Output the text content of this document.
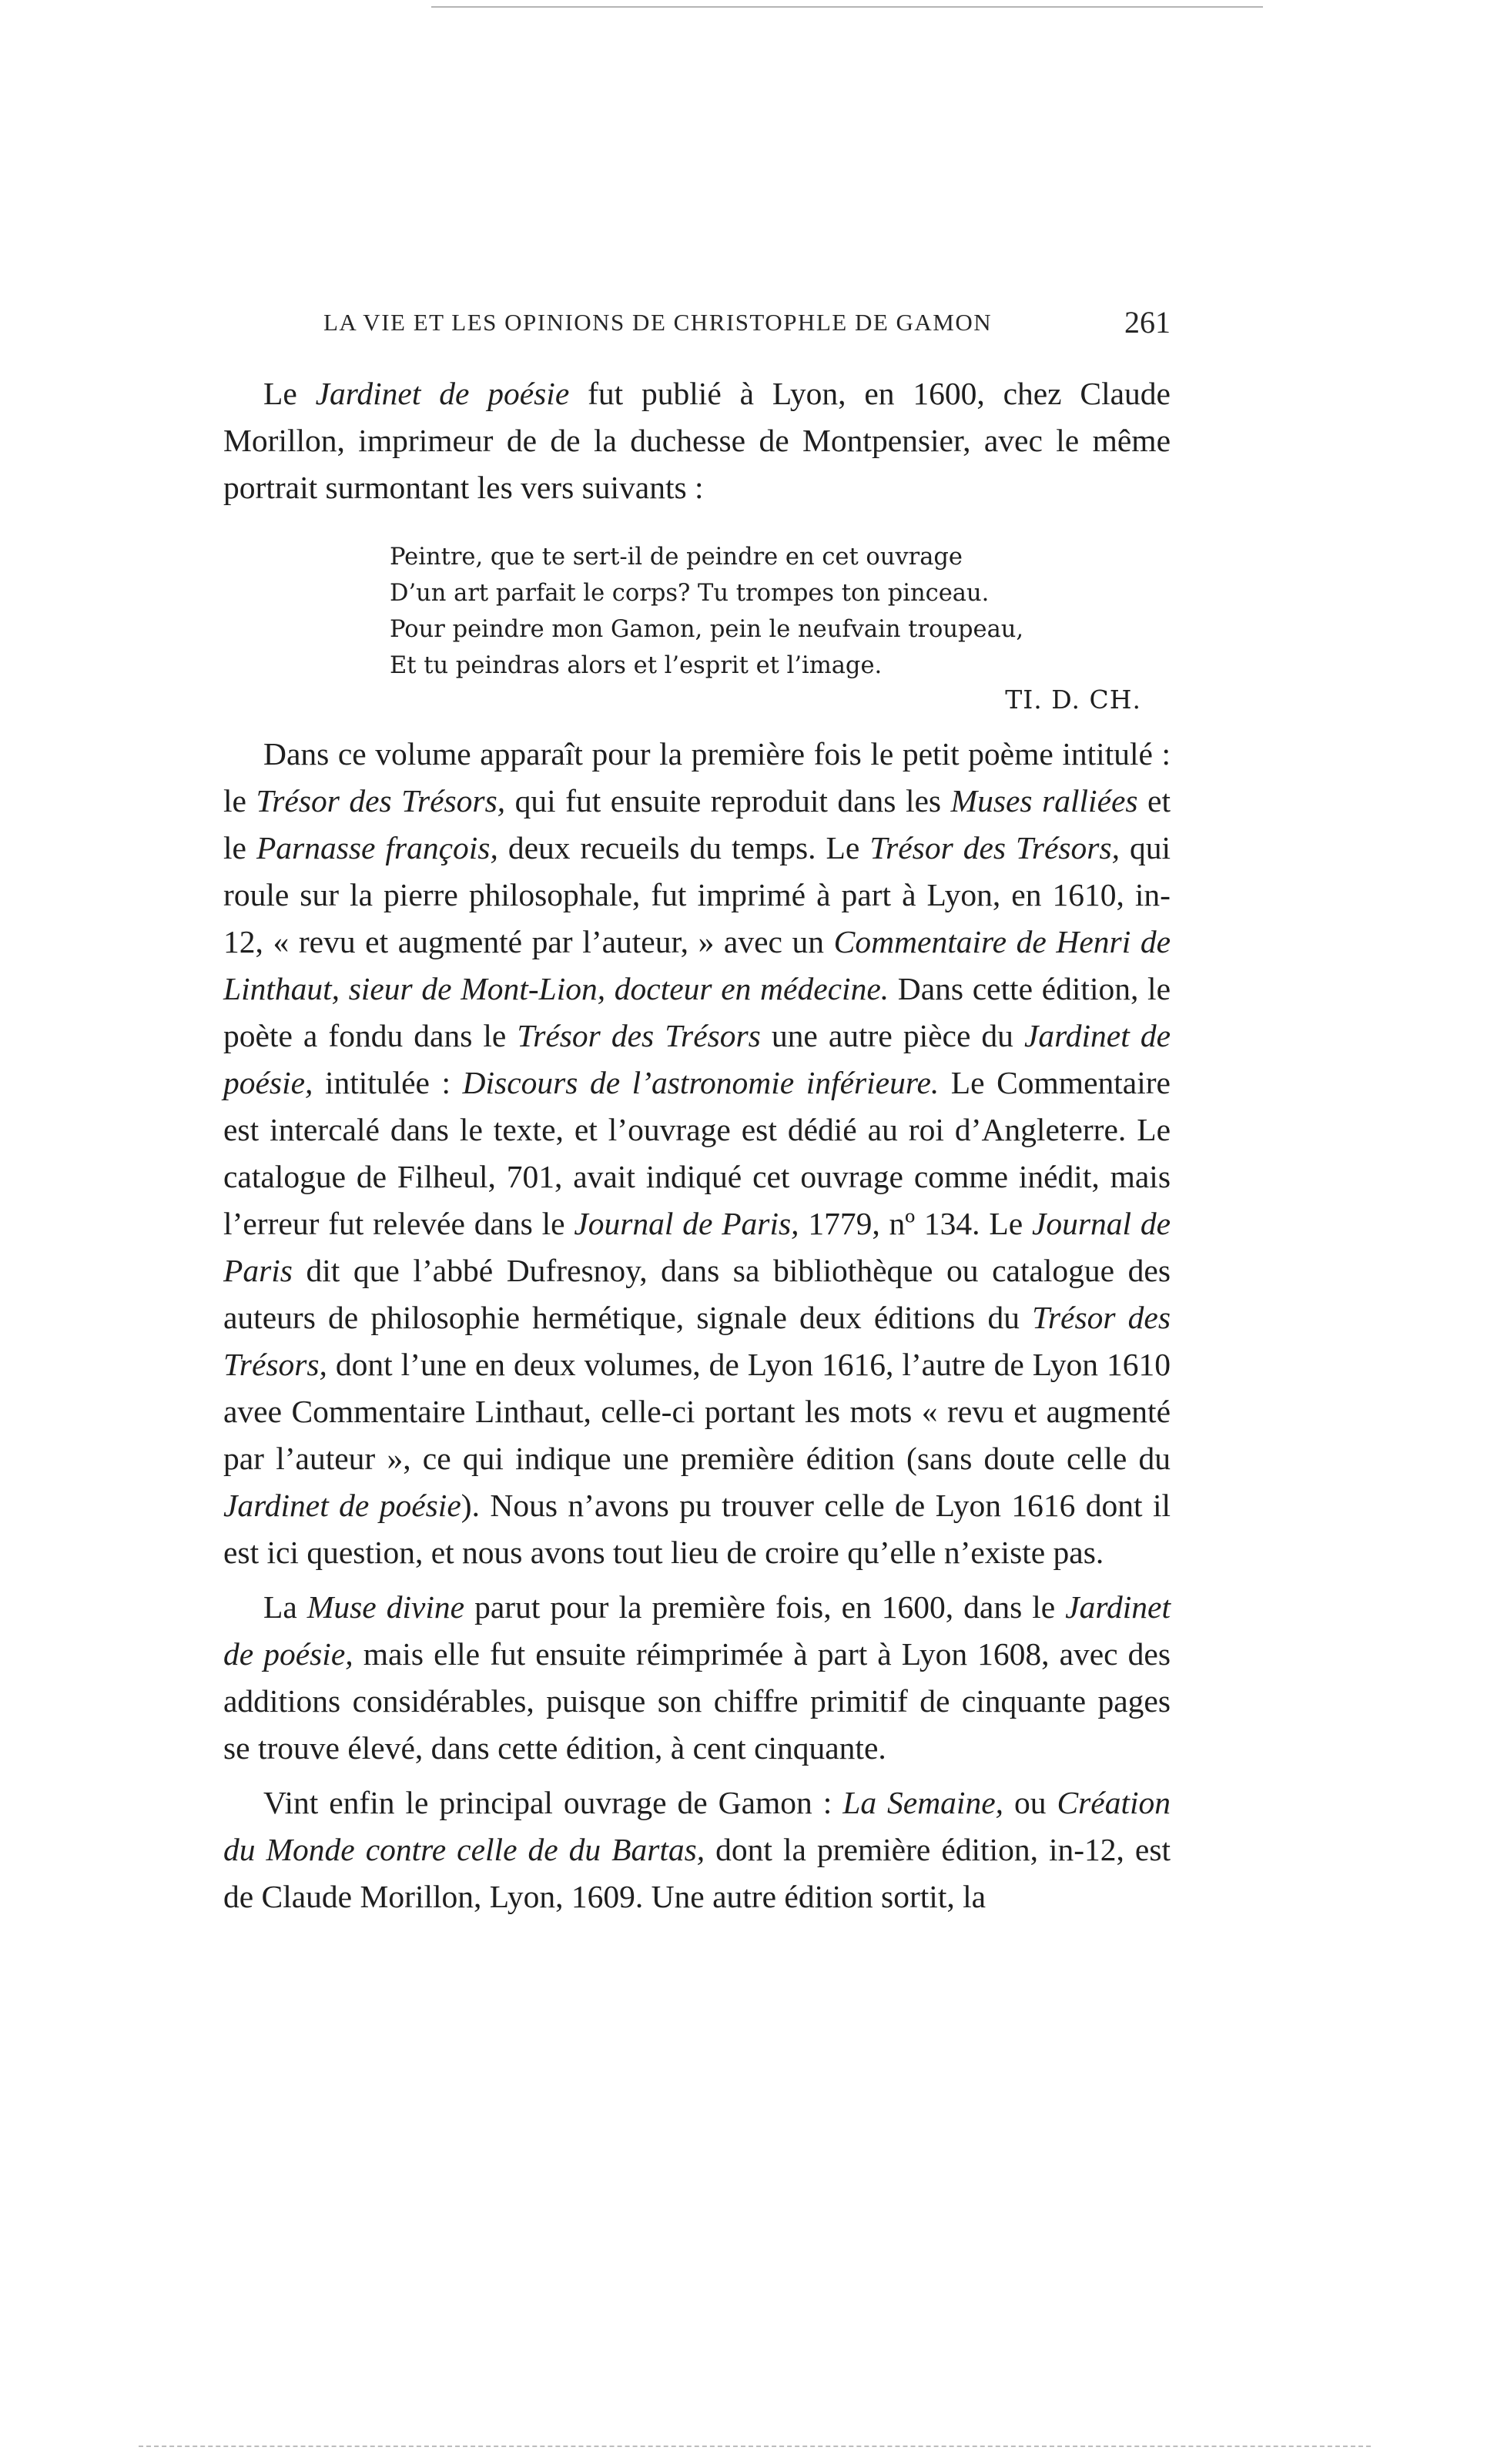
LA VIE ET LES OPINIONS DE CHRISTOPHLE DE GAMON	261

Le Jardinet de poésie fut publié à Lyon, en 1600, chez Claude Morillon, imprimeur de de la duchesse de Montpensier, avec le même portrait surmontant les vers suivants :

Peintre, que te sert-il de peindre en cet ouvrage
D’un art parfait le corps? Tu trompes ton pinceau.
Pour peindre mon Gamon, pein le neufvain troupeau,
Et tu peindras alors et l’esprit et l’image.
TI. D. CH.

Dans ce volume apparaît pour la première fois le petit poème intitulé : le Trésor des Trésors, qui fut ensuite reproduit dans les Muses ralliées et le Parnasse françois, deux recueils du temps. Le Trésor des Trésors, qui roule sur la pierre philosophale, fut imprimé à part à Lyon, en 1610, in-12, « revu et augmenté par l’auteur, » avec un Commentaire de Henri de Linthaut, sieur de Mont-Lion, docteur en médecine. Dans cette édition, le poète a fondu dans le Trésor des Trésors une autre pièce du Jardinet de poésie, intitulée : Discours de l’astronomie inférieure. Le Commentaire est intercalé dans le texte, et l’ouvrage est dédié au roi d’Angleterre. Le catalogue de Filheul, 701, avait indiqué cet ouvrage comme inédit, mais l’erreur fut relevée dans le Journal de Paris, 1779, nº 134. Le Journal de Paris dit que l’abbé Dufresnoy, dans sa bibliothèque ou catalogue des auteurs de philosophie hermétique, signale deux éditions du Trésor des Trésors, dont l’une en deux volumes, de Lyon 1616, l’autre de Lyon 1610 avee Commentaire Linthaut, celle-ci portant les mots « revu et augmenté par l’auteur », ce qui indique une première édition (sans doute celle du Jardinet de poésie). Nous n’avons pu trouver celle de Lyon 1616 dont il est ici question, et nous avons tout lieu de croire qu’elle n’existe pas.

La Muse divine parut pour la première fois, en 1600, dans le Jardinet de poésie, mais elle fut ensuite réimprimée à part à Lyon 1608, avec des additions considérables, puisque son chiffre primitif de cinquante pages se trouve élevé, dans cette édition, à cent cinquante.

Vint enfin le principal ouvrage de Gamon : La Semaine, ou Création du Monde contre celle de du Bartas, dont la première édition, in-12, est de Claude Morillon, Lyon, 1609. Une autre édition sortit, la
